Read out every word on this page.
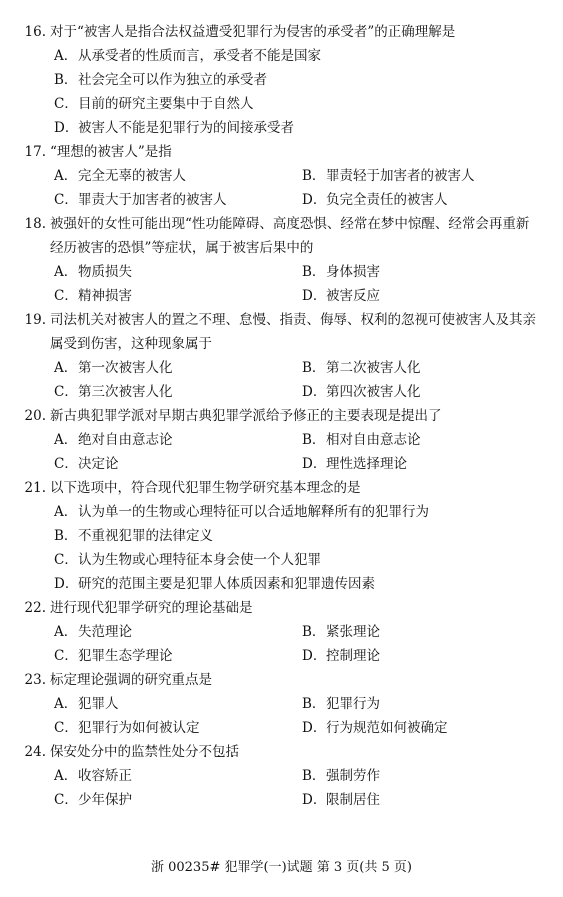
16. 对于“被害人是指合法权益遭受犯罪行为侵害的承受者”的正确理解是
A．从承受者的性质而言，承受者不能是国家
B．社会完全可以作为独立的承受者
C．目前的研究主要集中于自然人
D．被害人不能是犯罪行为的间接承受者
17. “理想的被害人”是指
A．完全无辜的被害人	B．罪责轻于加害者的被害人
C．罪责大于加害者的被害人	D．负完全责任的被害人
18. 被强奸的女性可能出现“性功能障碍、高度恐惧、经常在梦中惊醒、经常会再重新
经历被害的恐惧”等症状，属于被害后果中的
A．物质损失	B．身体损害
C．精神损害	D．被害反应
19. 司法机关对被害人的置之不理、怠慢、指责、侮辱、权利的忽视可使被害人及其亲
属受到伤害，这种现象属于
A．第一次被害人化	B．第二次被害人化
C．第三次被害人化	D．第四次被害人化
20. 新古典犯罪学派对早期古典犯罪学派给予修正的主要表现是提出了
A．绝对自由意志论	B．相对自由意志论
C．决定论	D．理性选择理论
21. 以下选项中，符合现代犯罪生物学研究基本理念的是
A．认为单一的生物或心理特征可以合适地解释所有的犯罪行为
B．不重视犯罪的法律定义
C．认为生物或心理特征本身会使一个人犯罪
D．研究的范围主要是犯罪人体质因素和犯罪遗传因素
22. 进行现代犯罪学研究的理论基础是
A．失范理论	B．紧张理论
C．犯罪生态学理论	D．控制理论
23. 标定理论强调的研究重点是
A．犯罪人	B．犯罪行为
C．犯罪行为如何被认定	D．行为规范如何被确定
24. 保安处分中的监禁性处分不包括
A．收容矫正	B．强制劳作
C．少年保护	D．限制居住
浙 00235# 犯罪学(一)试题 第 3 页(共 5 页)
